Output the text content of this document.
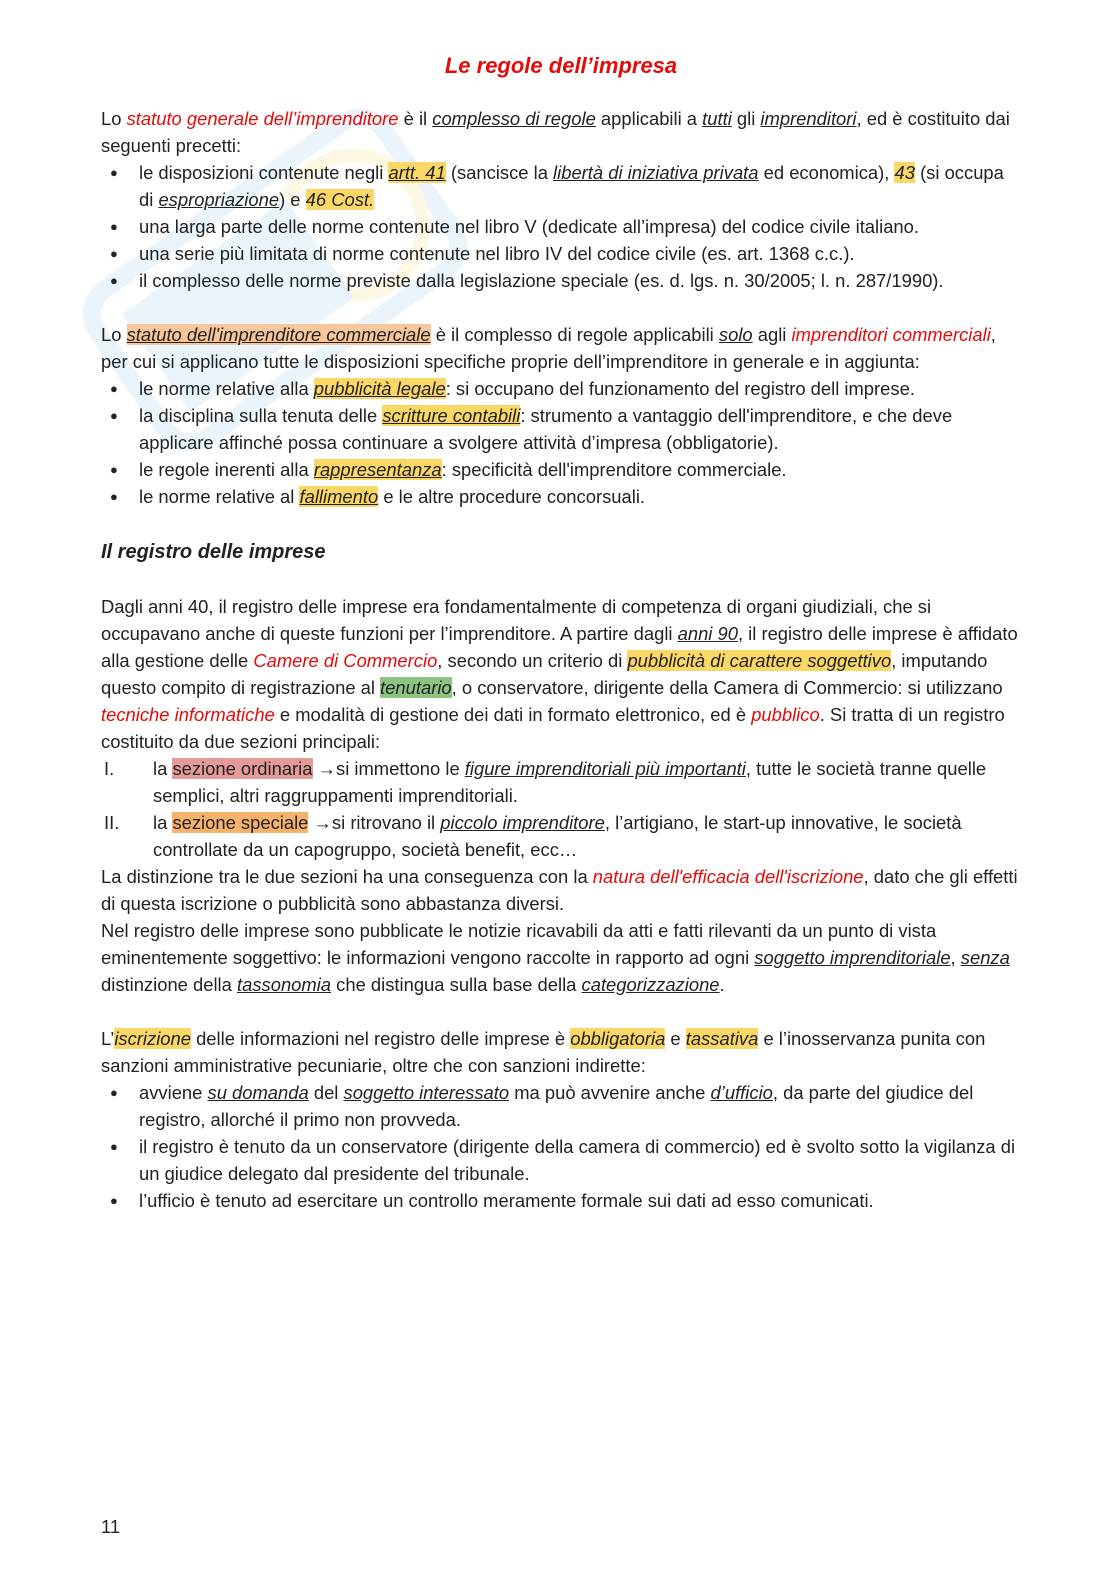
Le regole dell’impresa

Lo statuto generale dell’imprenditore è il complesso di regole applicabili a tutti gli imprenditori, ed è costituito dai seguenti precetti:

● le disposizioni contenute negli artt. 41 (sancisce la libertà di iniziativa privata ed economica), 43 (si occupa di espropriazione) e 46 Cost.
● una larga parte delle norme contenute nel libro V (dedicate all’impresa) del codice civile italiano.
● una serie più limitata di norme contenute nel libro IV del codice civile (es. art. 1368 c.c.).
● il complesso delle norme previste dalla legislazione speciale (es. d. lgs. n. 30/2005; l. n. 287/1990).

Lo statuto dell'imprenditore commerciale è il complesso di regole applicabili solo agli imprenditori commerciali, per cui si applicano tutte le disposizioni specifiche proprie dell’imprenditore in generale e in aggiunta:

● le norme relative alla pubblicità legale: si occupano del funzionamento del registro dell imprese.
● la disciplina sulla tenuta delle scritture contabili: strumento a vantaggio dell'imprenditore, e che deve applicare affinché possa continuare a svolgere attività d’impresa (obbligatorie).
● le regole inerenti alla rappresentanza: specificità dell'imprenditore commerciale.
● le norme relative al fallimento e le altre procedure concorsuali.
Il registro delle imprese

Dagli anni 40, il registro delle imprese era fondamentalmente di competenza di organi giudiziali, che si occupavano anche di queste funzioni per l’imprenditore. A partire dagli anni 90, il registro delle imprese è affidato alla gestione delle Camere di Commercio, secondo un criterio di pubblicità di carattere soggettivo, imputando questo compito di registrazione al tenutario, o conservatore, dirigente della Camera di Commercio: si utilizzano tecniche informatiche e modalità di gestione dei dati in formato elettronico, ed è pubblico. Si tratta di un registro costituito da due sezioni principali:

I. la sezione ordinaria →si immettono le figure imprenditoriali più importanti, tutte le società tranne quelle semplici, altri raggruppamenti imprenditoriali.
II. la sezione speciale →si ritrovano il piccolo imprenditore, l’artigiano, le start-up innovative, le società controllate da un capogruppo, società benefit, ecc…

La distinzione tra le due sezioni ha una conseguenza con la natura dell'efficacia dell'iscrizione, dato che gli effetti di questa iscrizione o pubblicità sono abbastanza diversi.

Nel registro delle imprese sono pubblicate le notizie ricavabili da atti e fatti rilevanti da un punto di vista eminentemente soggettivo: le informazioni vengono raccolte in rapporto ad ogni soggetto imprenditoriale, senza distinzione della tassonomia che distingua sulla base della categorizzazione.

L’iscrizione delle informazioni nel registro delle imprese è obbligatoria e tassativa e l’inosservanza punita con sanzioni amministrative pecuniarie, oltre che con sanzioni indirette:

● avviene su domanda del soggetto interessato ma può avvenire anche d’ufficio, da parte del giudice del registro, allorché il primo non provveda.
● il registro è tenuto da un conservatore (dirigente della camera di commercio) ed è svolto sotto la vigilanza di un giudice delegato dal presidente del tribunale.
● l’ufficio è tenuto ad esercitare un controllo meramente formale sui dati ad esso comunicati.
11
